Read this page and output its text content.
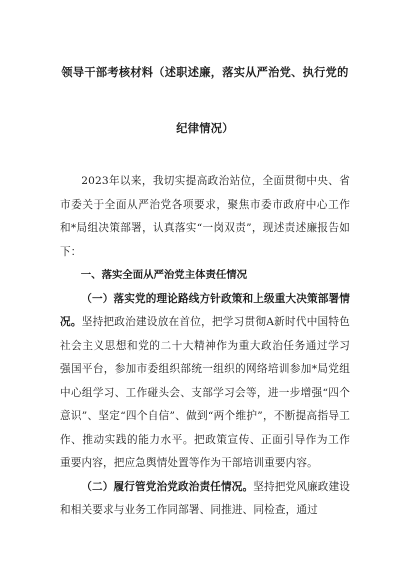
领导干部考核材料（述职述廉，落实从严治党、执行党的
纪律情况）

2023年以来，我切实提高政治站位，全面贯彻中央、省市委关于全面从严治党各项要求，聚焦市委市政府中心工作和*局组决策部署，认真落实“一岗双责”，现述责述廉报告如下：

一、落实全面从严治党主体责任情况

（一）落实党的理论路线方针政策和上级重大决策部署情况。坚持把政治建设放在首位，把学习贯彻A新时代中国特色社会主义思想和党的二十大精神作为重大政治任务通过学习强国平台，参加市委组织部统一组织的网络培训参加*局党组中心组学习、工作碰头会、支部学习会等，进一步增强“四个意识”、坚定“四个自信”、做到“两个维护”，不断提高指导工作、推动实践的能力水平。把政策宣传、正面引导作为工作重要内容，把应急舆情处置等作为干部培训重要内容。

（二）履行管党治党政治责任情况。坚持把党风廉政建设和相关要求与业务工作同部署、同推进、同检查，通过
